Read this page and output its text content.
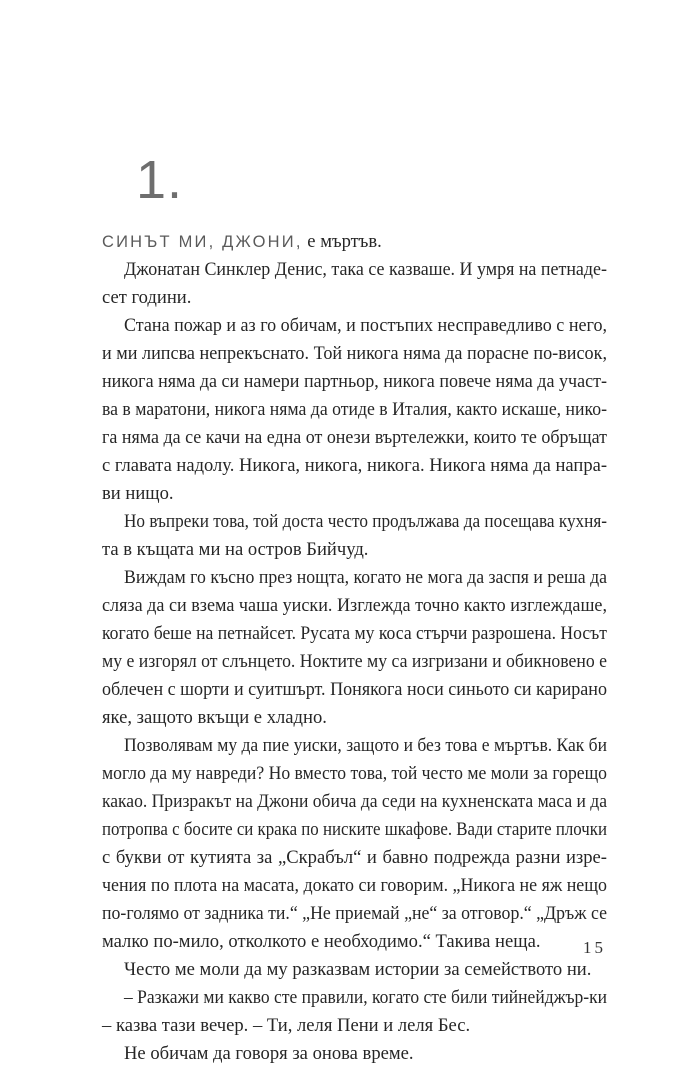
1.
СИНЪТ МИ, ДЖОНИ, е мъртъв.
Джонатан Синклер Денис, така се казваше. И умря на петнаде-
сет години.
Стана пожар и аз го обичам, и постъпих несправедливо с него,
и ми липсва непрекъснато. Той никога няма да порасне по-висок,
никога няма да си намери партньор, никога повече няма да участ-
ва в маратони, никога няма да отиде в Италия, както искаше, нико-
га няма да се качи на една от онези въртележки, които те обръщат
с главата надолу. Никога, никога, никога. Никога няма да напра-
ви нищо.
Но въпреки това, той доста често продължава да посещава кухня-
та в къщата ми на остров Бийчуд.
Виждам го късно през нощта, когато не мога да заспя и реша да
сляза да си взема чаша уиски. Изглежда точно както изглеждаше,
когато беше на петнайсет. Русата му коса стърчи разрошена. Носът
му е изгорял от слънцето. Ноктите му са изгризани и обикновено е
облечен с шорти и суитшърт. Понякога носи синьото си карирано
яке, защото вкъщи е хладно.
Позволявам му да пие уиски, защото и без това е мъртъв. Как би
могло да му навреди? Но вместо това, той често ме моли за горещо
какао. Призракът на Джони обича да седи на кухненската маса и да
потропва с босите си крака по ниските шкафове. Вади старите плочки
с букви от кутията за „Скрабъл“ и бавно подрежда разни изре-
чения по плота на масата, докато си говорим. „Никога не яж нещо
по-голямо от задника ти.“ „Не приемай „не“ за отговор.“ „Дръж се
малко по-мило, отколкото е необходимо.“ Такива неща.
Често ме моли да му разказвам истории за семейството ни.
– Разкажи ми какво сте правили, когато сте били тийнейджър-ки
– казва тази вечер. – Ти, леля Пени и леля Бес.
Не обичам да говоря за онова време.
15
